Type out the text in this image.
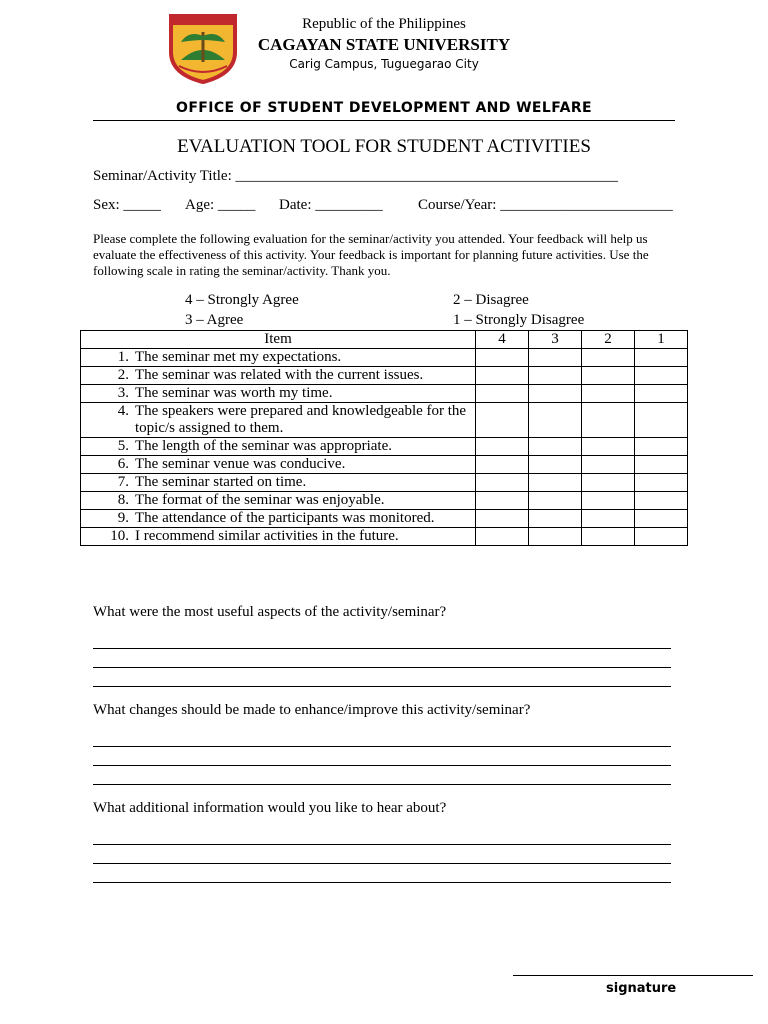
Republic of the Philippines
CAGAYAN STATE UNIVERSITY
Carig Campus, Tuguegarao City
OFFICE OF STUDENT DEVELOPMENT AND WELFARE
EVALUATION TOOL FOR STUDENT ACTIVITIES
Seminar/Activity Title: ___________________________________________________
Sex: _____ Age: _____ Date: _________ Course/Year: _______________________
Please complete the following evaluation for the seminar/activity you attended. Your feedback will help us evaluate the effectiveness of this activity. Your feedback is important for planning future activities. Use the following scale in rating the seminar/activity. Thank you.
4 – Strongly Agree
3 – Agree
2 – Disagree
1 – Strongly Disagree
Item	4	3	2	1

1. The seminar met my expectations.				

2. The seminar was related with the current issues.				

3. The seminar was worth my time.				

4. The speakers were prepared and knowledgeable for the topic/s assigned to them.				

5. The length of the seminar was appropriate.				

6. The seminar venue was conducive.				

7. The seminar started on time.				

8. The format of the seminar was enjoyable.				

9. The attendance of the participants was monitored.				

10. I recommend similar activities in the future.				

What were the most useful aspects of the activity/seminar?
What changes should be made to enhance/improve this activity/seminar?
What additional information would you like to hear about?
signature
